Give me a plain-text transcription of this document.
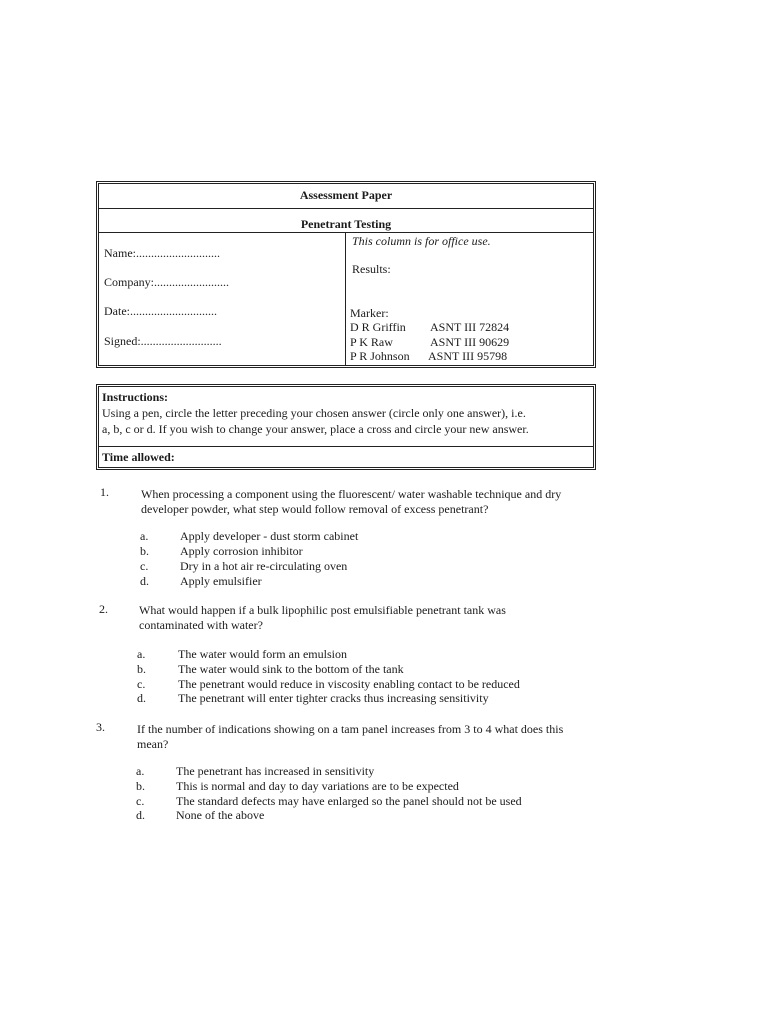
Assessment Paper
Penetrant Testing
Name:............................
Company:.........................
Date:.............................
Signed:...........................
This column is for office use.
Results:
Marker:
D R Griffin ASNT III 72824
P K Raw	ASNT III 90629
P R Johnson ASNT III 95798
Instructions:
Using a pen, circle the letter preceding your chosen answer (circle only one answer), i.e.
a, b, c or d. If you wish to change your answer, place a cross and circle your new answer.
Time allowed:
1.	When processing a component using the fluorescent/ water washable technique and dry developer powder, what step would follow removal of excess penetrant?
a.	Apply developer - dust storm cabinet
b.	Apply corrosion inhibitor
c.	Dry in a hot air re-circulating oven
d.	Apply emulsifier
2.	What would happen if a bulk lipophilic post emulsifiable penetrant tank was contaminated with water?
a.	The water would form an emulsion
b.	The water would sink to the bottom of the tank
c.	The penetrant would reduce in viscosity enabling contact to be reduced
d.	The penetrant will enter tighter cracks thus increasing sensitivity
3.	If the number of indications showing on a tam panel increases from 3 to 4 what does this mean?
a.	The penetrant has increased in sensitivity
b.	This is normal and day to day variations are to be expected
c.	The standard defects may have enlarged so the panel should not be used
d.	None of the above
